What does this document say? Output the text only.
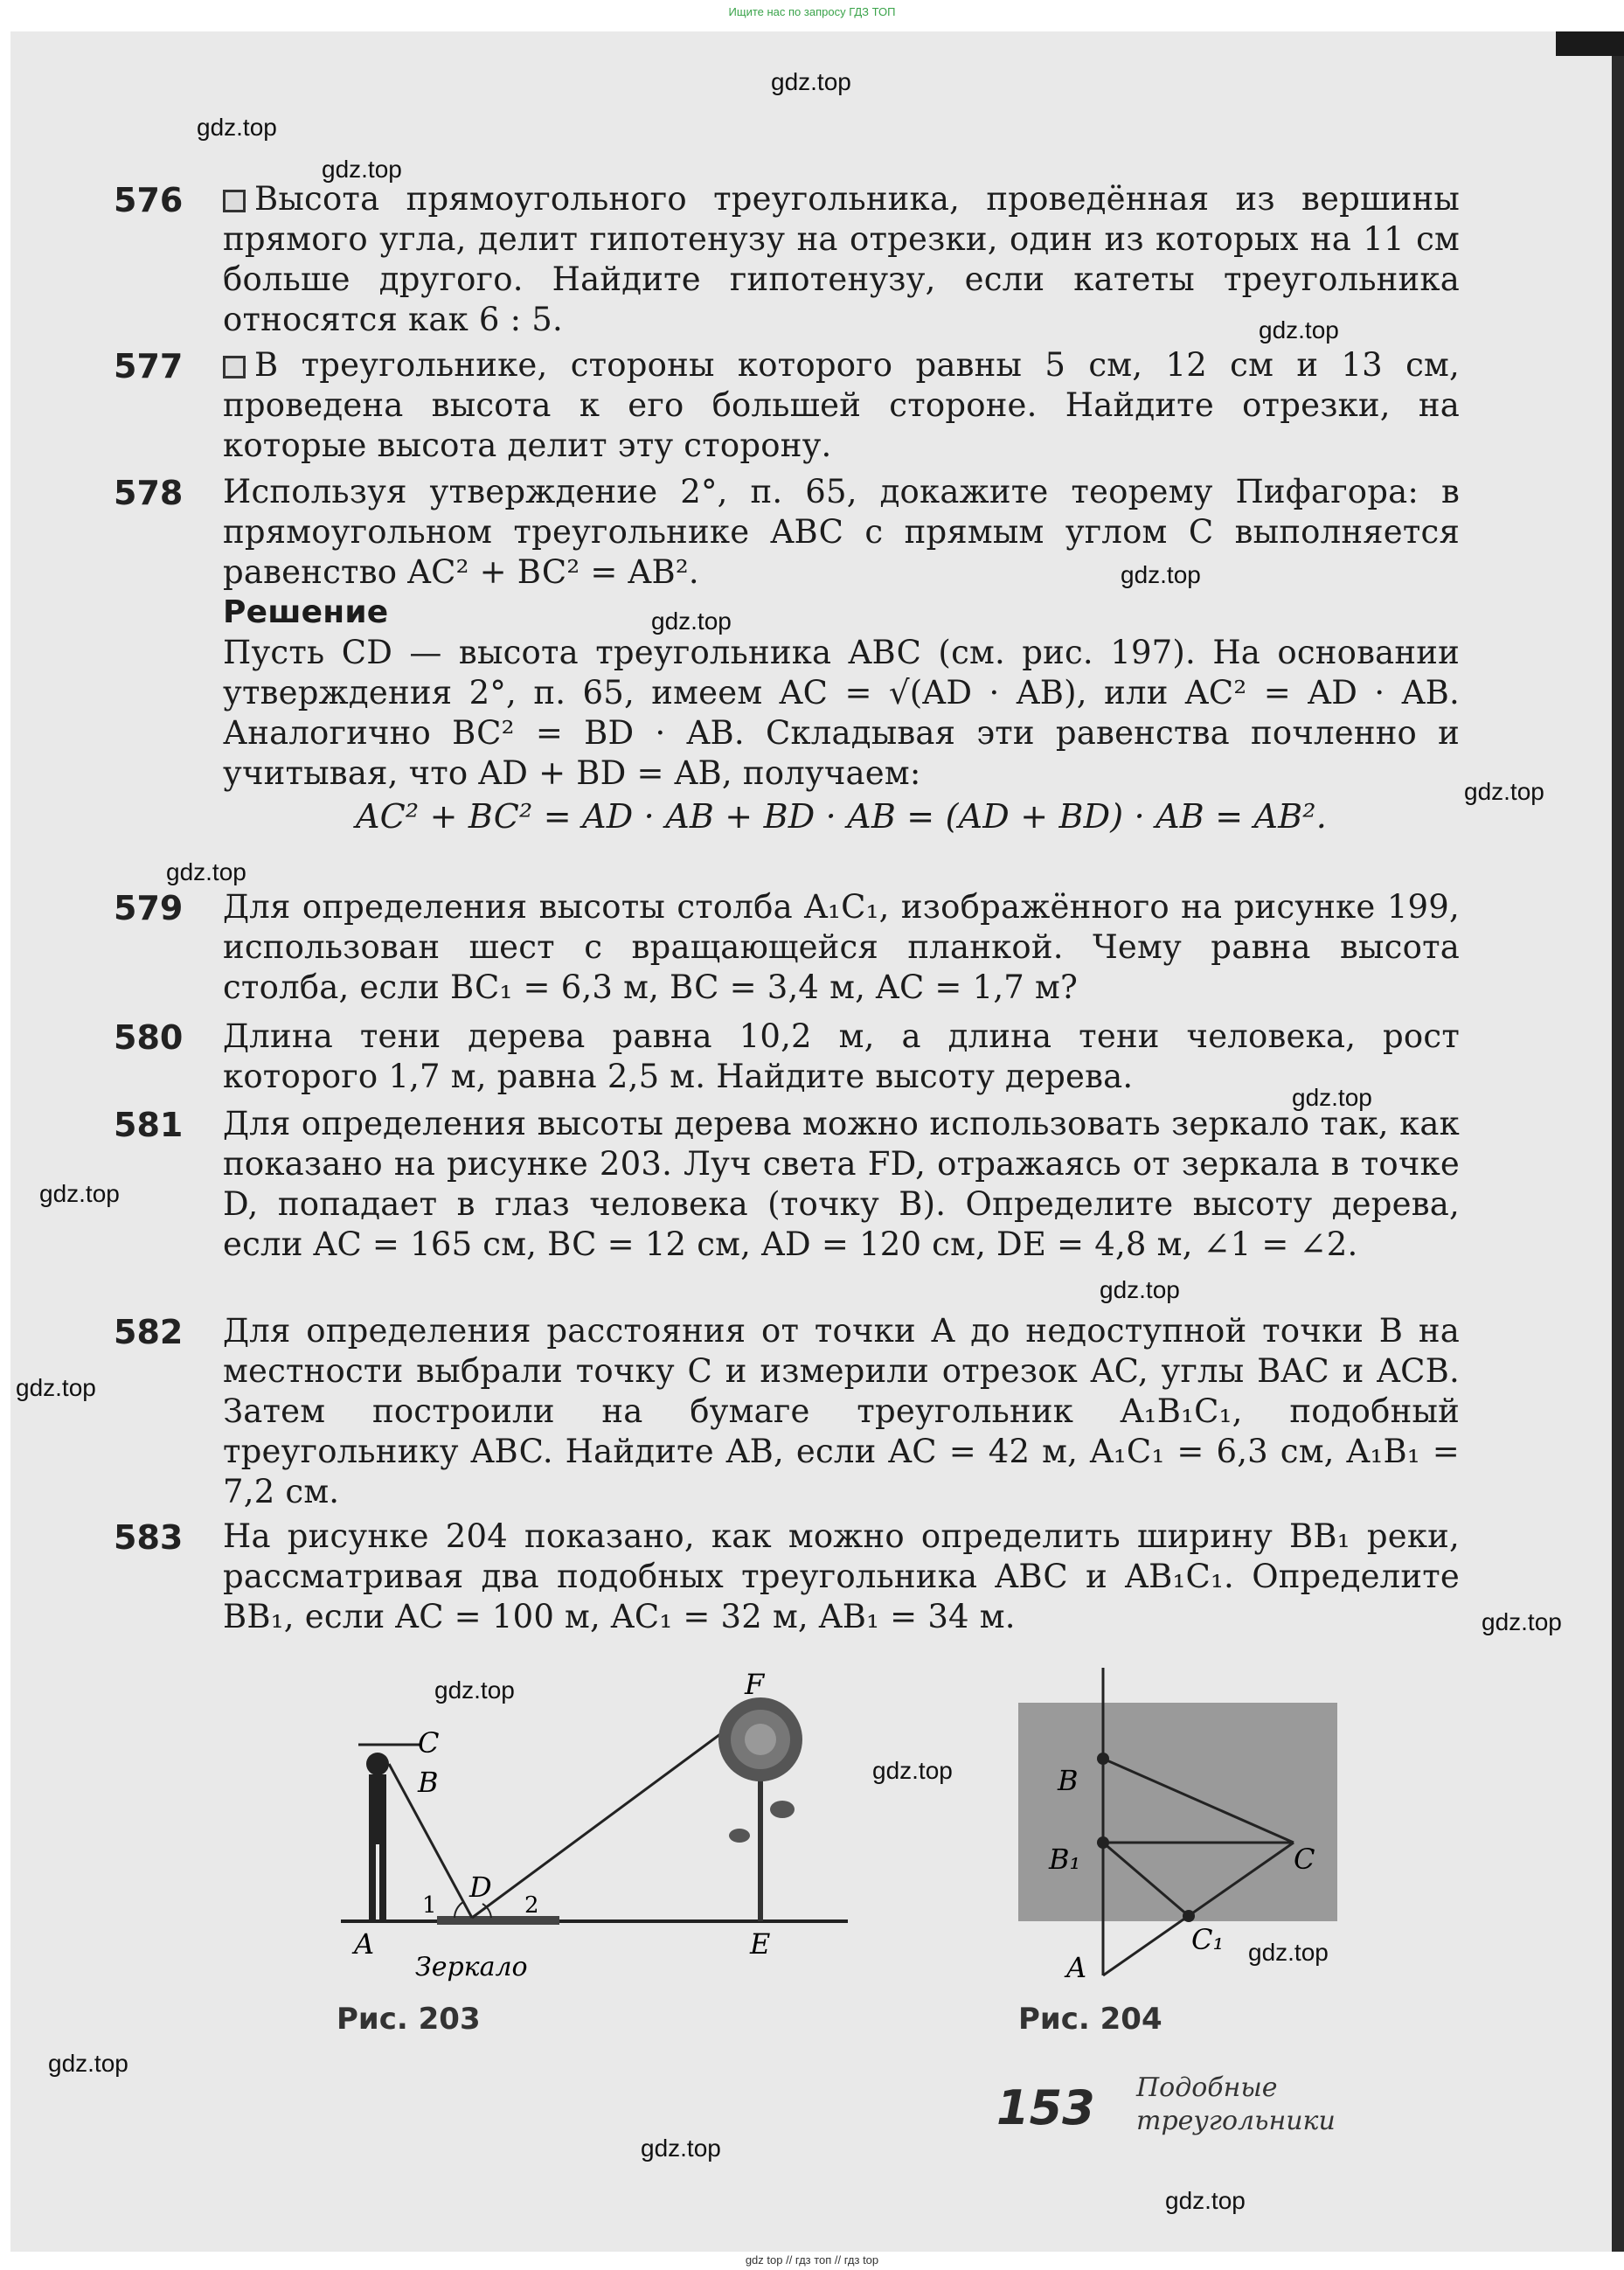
Ищите нас по запросу ГДЗ ТОП
576	Высота прямоугольного треугольника, проведённая из вершины прямого угла, делит гипотенузу на отрезки, один из которых на 11 см больше другого. Найдите гипотенузу, если катеты треугольника относятся как 6 : 5.
577	В треугольнике, стороны которого равны 5 см, 12 см и 13 см, проведена высота к его большей стороне. Найдите отрезки, на которые высота делит эту сторону.
578	Используя утверждение 2°, п. 65, докажите теорему Пифагора: в прямоугольном треугольнике ABC с прямым углом C выполняется равенство AC² + BC² = AB².
Решение
Пусть CD — высота треугольника ABC (см. рис. 197). На основании утверждения 2°, п. 65, имеем AC = √(AD · AB), или AC² = AD · AB. Аналогично BC² = BD · AB. Складывая эти равенства почленно и учитывая, что AD + BD = AB, получаем:
AC² + BC² = AD · AB + BD · AB = (AD + BD) · AB = AB².
579	Для определения высоты столба A₁C₁, изображённого на рисунке 199, использован шест с вращающейся планкой. Чему равна высота столба, если BC₁ = 6,3 м, BC = 3,4 м, AC = 1,7 м?
580	Длина тени дерева равна 10,2 м, а длина тени человека, рост которого 1,7 м, равна 2,5 м. Найдите высоту дерева.
581	Для определения высоты дерева можно использовать зеркало так, как показано на рисунке 203. Луч света FD, отражаясь от зеркала в точке D, попадает в глаз человека (точку B). Определите высоту дерева, если AC = 165 см, BC = 12 см, AD = 120 см, DE = 4,8 м, ∠1 = ∠2.
582	Для определения расстояния от точки A до недоступной точки B на местности выбрали точку C и измерили отрезок AC, углы BAC и ACB. Затем построили на бумаге треугольник A₁B₁C₁, подобный треугольнику ABC. Найдите AB, если AC = 42 м, A₁C₁ = 6,3 см, A₁B₁ = 7,2 см.
583	На рисунке 204 показано, как можно определить ширину BB₁ реки, рассматривая два подобных треугольника ABC и AB₁C₁. Определите BB₁, если AC = 100 м, AC₁ = 32 м, AB₁ = 34 м.
C
B
A
D
E
F
1	2
Зеркало
Рис. 203
B
B₁	C
A
C₁
Рис. 204
153 Подобные
треугольники
gdz.top
gdz.top
gdz.top
gdz.top
gdz.top
gdz.top
gdz.top
gdz.top
gdz.top
gdz.top
gdz.top
gdz.top
gdz.top
gdz.top
gdz.top
gdz.top
gdz.top
gdz.top
gdz.top
gdz top // гдз топ // гдз top
